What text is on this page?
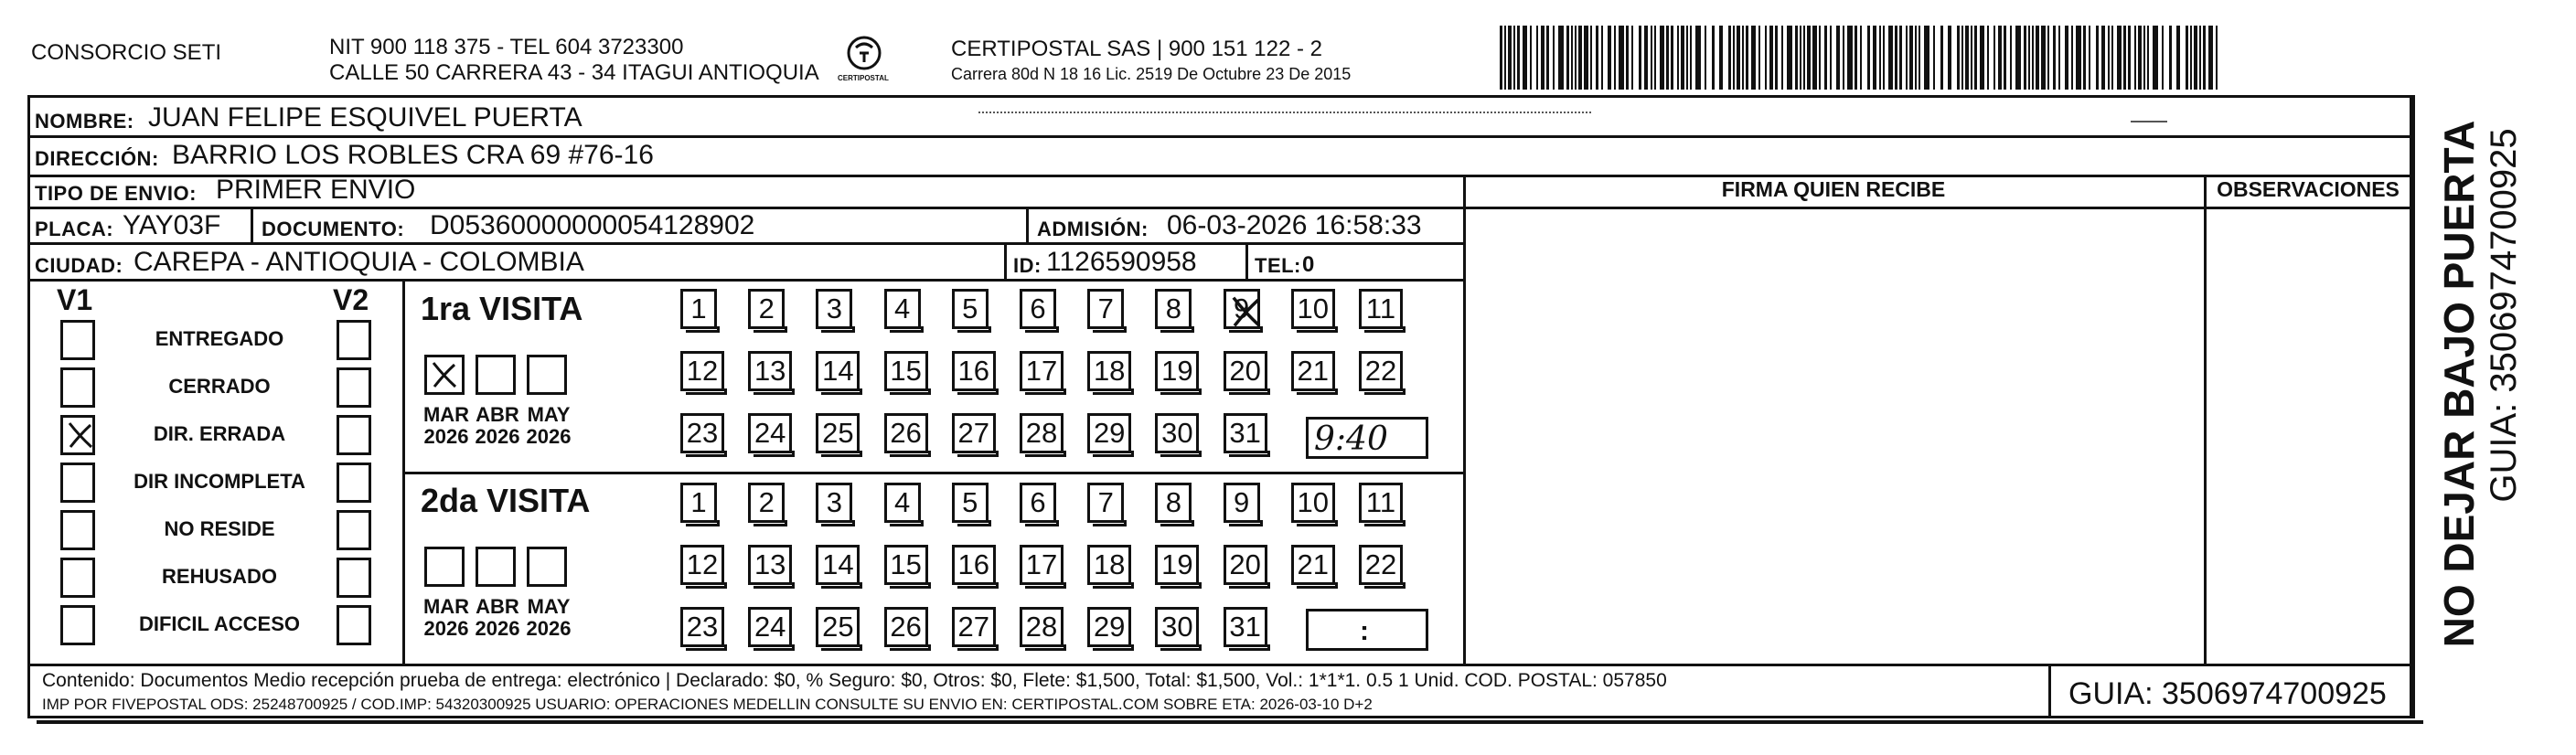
CONSORCIO SETI	NIT 900 118 375 - TEL 604 3723300
CALLE 50 CARRERA 43 - 34 ITAGUI ANTIOQUIA	CERTIPOSTAL
CERTIPOSTAL SAS | 900 151 122 - 2
Carrera 80d N 18 16 Lic. 2519 De Octubre 23 De 2015
NOMBRE: JUAN FELIPE ESQUIVEL PUERTA
DIRECCIÓN: BARRIO LOS ROBLES CRA 69 #76-16
TIPO DE ENVIO: PRIMER ENVIO
PLACA: YAY03F DOCUMENTO: D05360000000054128902	ADMISIÓN: 06-03-2026 16:58:33
CIUDAD: CAREPA - ANTIOQUIA - COLOMBIA	ID: 1126590958	TEL: 0
FIRMA QUIEN RECIBE	OBSERVACIONES NO DEJAR BAJO PUERTA GUIA: 3506974700925
V1	V2
ENTREGADO
CERRADO
DIR. ERRADA
DIR INCOMPLETA
NO RESIDE
REHUSADO
DIFICIL ACCESO
1ra VISITA
MAR
2026
ABR
2026
MAY
2026
1	2	3	4	5	6	7	8	9	10 11
12 13 14 15 16 17 18 19 20 21 22
23 24 25 26 27 28 29 30 31 9:40
2da VISITA
MAR
2026
ABR
2026
MAY
2026
1	2	3	4	5	6	7	8	9	10 11
12 13 14 15 16 17 18 19 20 21 22
23 24 25 26 27 28 29 30 31	:
Contenido: Documentos Medio recepción prueba de entrega: electrónico | Declarado: $0, % Seguro: $0, Otros: $0, Flete: $1,500, Total: $1,500, Vol.: 1*1*1. 0.5 1 Unid. COD. POSTAL: 057850
IMP POR FIVEPOSTAL ODS: 25248700925 / COD.IMP: 54320300925 USUARIO: OPERACIONES MEDELLIN CONSULTE SU ENVIO EN: CERTIPOSTAL.COM SOBRE ETA: 2026-03-10 D+2	GUIA: 3506974700925
